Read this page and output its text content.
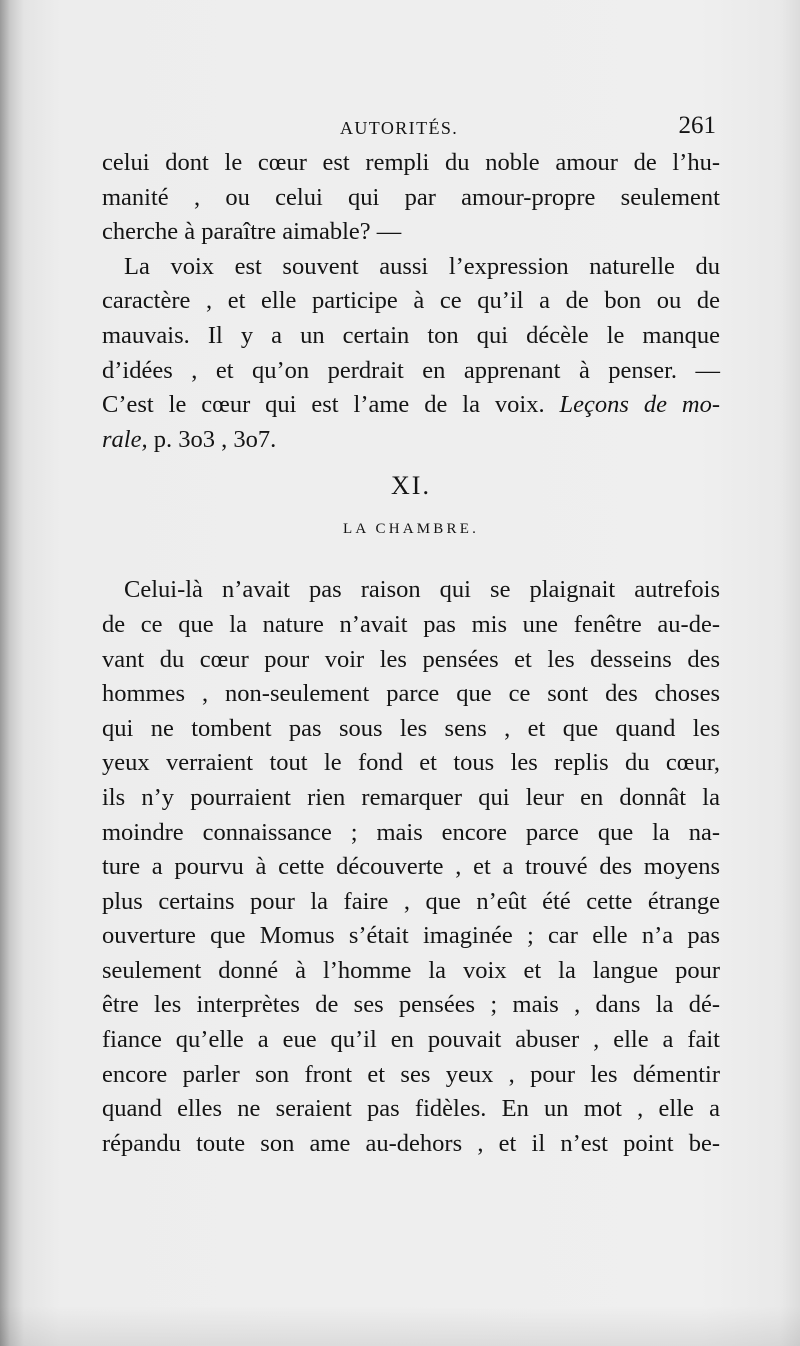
AUTORITÉS.	261
celui dont le cœur est rempli du noble amour de l’hu-
manité , ou celui qui par amour-propre seulement
cherche à paraître aimable? —
La voix est souvent aussi l’expression naturelle du
caractère , et elle participe à ce qu’il a de bon ou de
mauvais. Il y a un certain ton qui décèle le manque
d’idées , et qu’on perdrait en apprenant à penser. —
C’est le cœur qui est l’ame de la voix. Leçons de mo-
rale, p. 3o3 , 3o7.
XI.
LA CHAMBRE.
Celui-là n’avait pas raison qui se plaignait autrefois
de ce que la nature n’avait pas mis une fenêtre au-de-
vant du cœur pour voir les pensées et les desseins des
hommes , non-seulement parce que ce sont des choses
qui ne tombent pas sous les sens , et que quand les
yeux verraient tout le fond et tous les replis du cœur,
ils n’y pourraient rien remarquer qui leur en donnât la
moindre connaissance ; mais encore parce que la na-
ture a pourvu à cette découverte , et a trouvé des moyens
plus certains pour la faire , que n’eût été cette étrange
ouverture que Momus s’était imaginée ; car elle n’a pas
seulement donné à l’homme la voix et la langue pour
être les interprètes de ses pensées ; mais , dans la dé-
fiance qu’elle a eue qu’il en pouvait abuser , elle a fait
encore parler son front et ses yeux , pour les démentir
quand elles ne seraient pas fidèles. En un mot , elle a
répandu toute son ame au-dehors , et il n’est point be-
